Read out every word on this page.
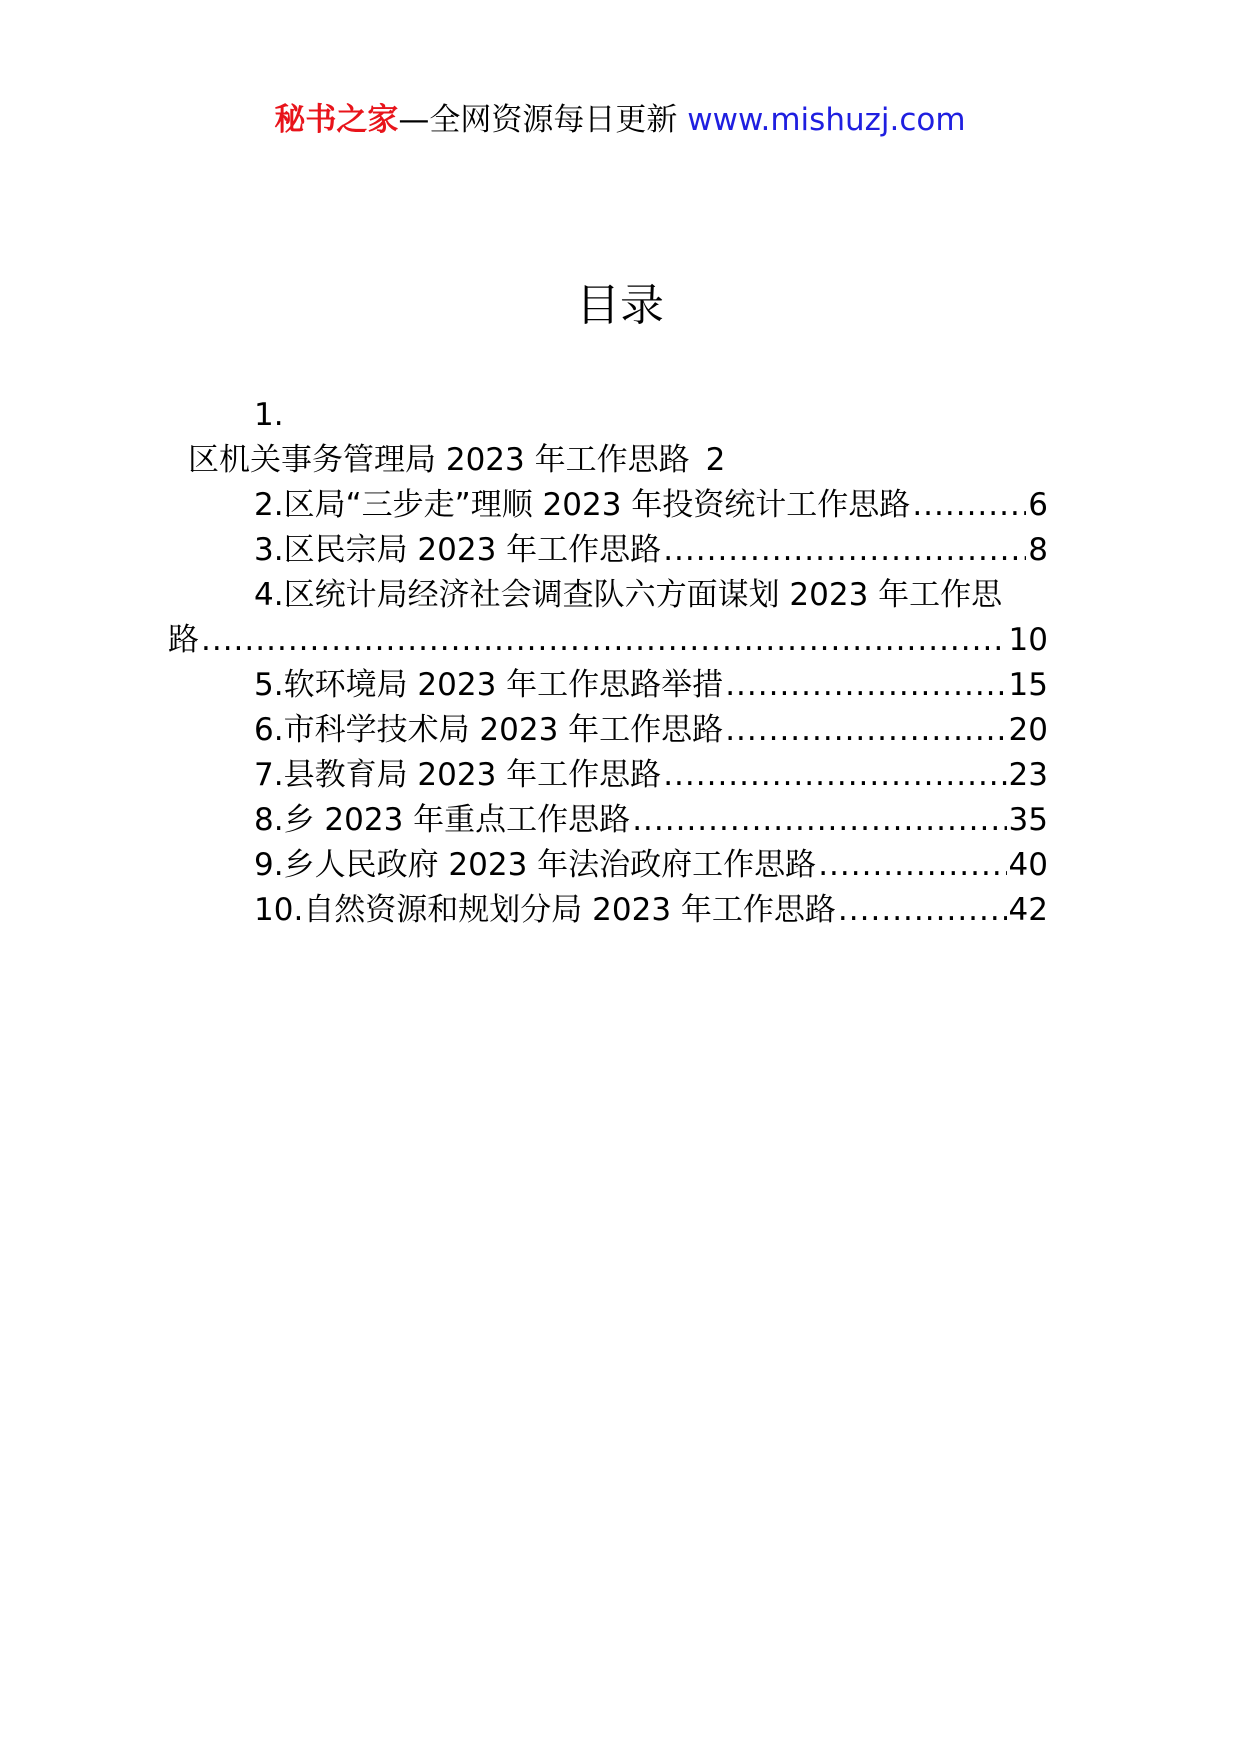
秘书之家—全网资源每日更新 www.mishuzj.com
目录
1.
区机关事务管理局 2023 年工作思路 2
2. 区局“三步走”理顺 2023 年投资统计工作思路 .....	6
3. 区民宗局 2023 年工作思路 .....	8
4. 区统计局经济社会调查队六方面谋划 2023 年工作思
路 .....	10
5. 软环境局 2023 年工作思路举措 .....	15
6. 市科学技术局 2023 年工作思路 .....	20
7. 县教育局 2023 年工作思路 .....	23
8. 乡 2023 年重点工作思路 .....	35
9. 乡人民政府 2023 年法治政府工作思路 .....	40
10. 自然资源和规划分局 2023 年工作思路 .....	42
